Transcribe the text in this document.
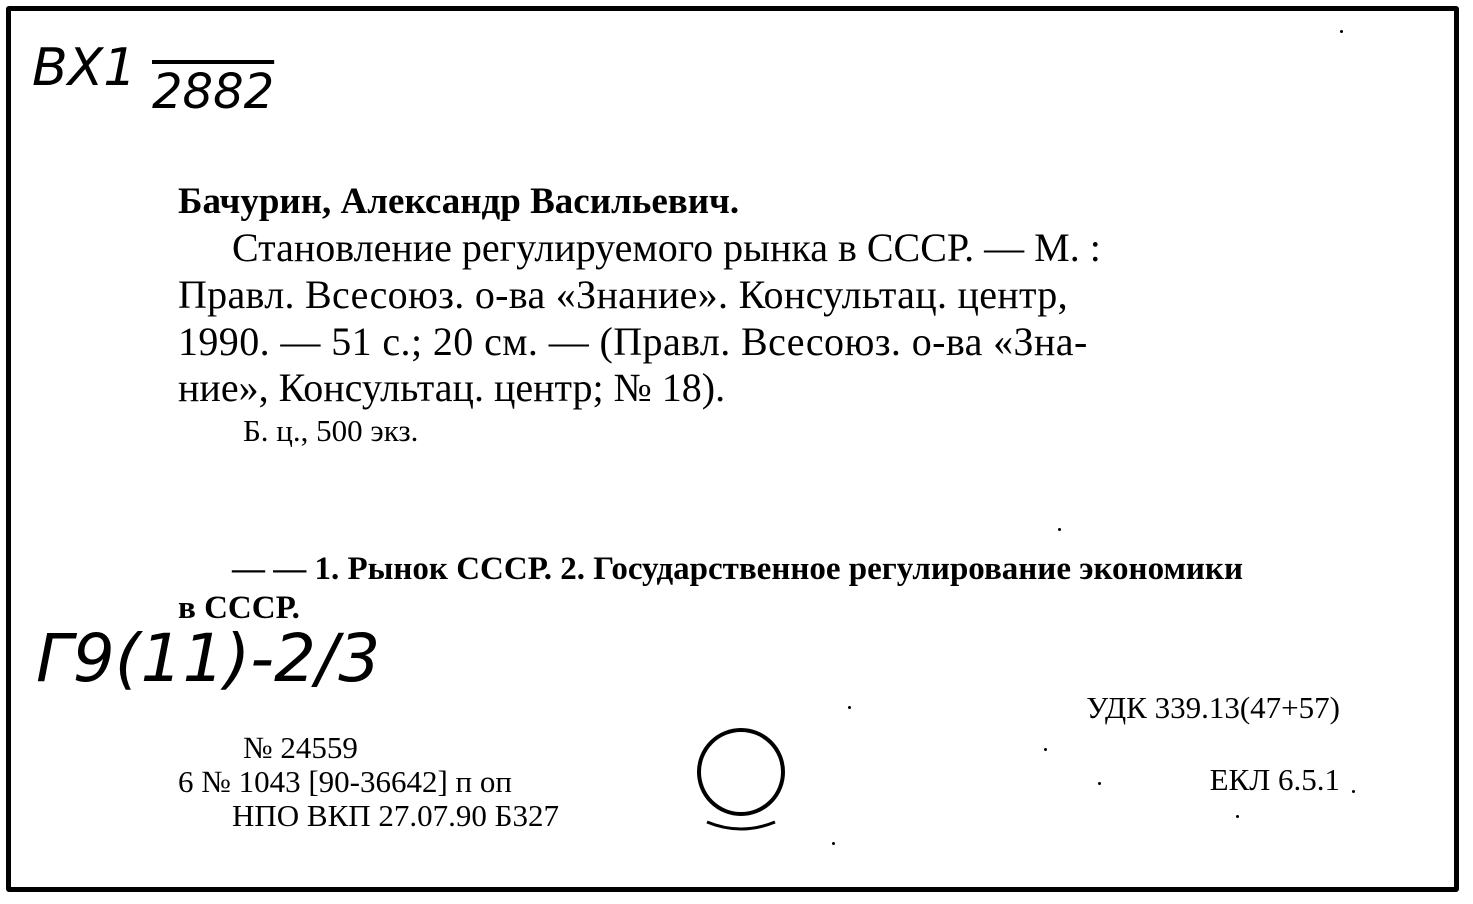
ВХ1 2882
Бачурин, Александр Васильевич.
Становление регулируемого рынка в СССР. — М. :
Правл. Всесоюз. о-ва «Знание». Консультац. центр,
1990. — 51 с.; 20 см. — (Правл. Всесоюз. о-ва «Зна-
ние», Консультац. центр; № 18).
Б. ц., 500 экз.
— — 1. Рынок СССР. 2. Государственное регулирование экономики
в СССР.
Г9(11)-2/3
УДК 339.13(47+57)
ЕКЛ 6.5.1
№ 24559
6 № 1043 [90-36642] п оп
НПО ВКП 27.07.90 Б327
